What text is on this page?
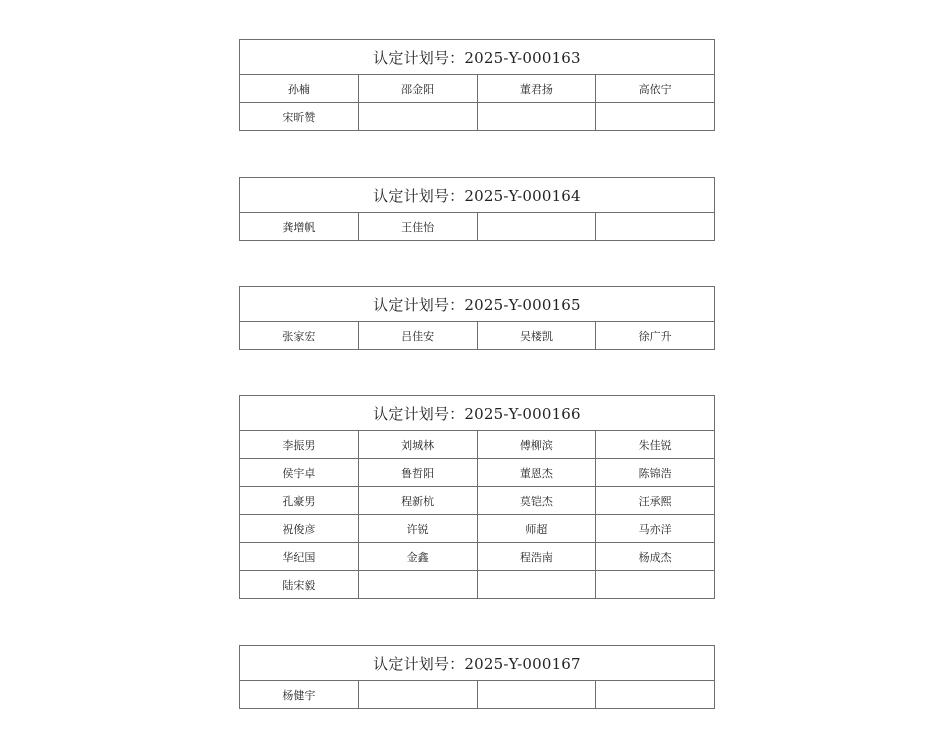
认定计划号：2025-Y-000163			
孙楠	邵金阳	董君扬	高依宁
宋昕赞			
认定计划号：2025-Y-000164
龚增帆	王佳怡		
认定计划号：2025-Y-000165
张家宏	吕佳安	吴楼凯	徐广升
认定计划号：2025-Y-000166			
李振男	刘城林	傅柳滨	朱佳锐
侯宇卓	鲁哲阳	董恩杰	陈锦浩
孔豪男	程新杭	莫铠杰	汪承熙
祝俊彦	许锐	师超	马亦洋
华纪国	金鑫	程浩南	杨成杰
陆宋毅			
认定计划号：2025-Y-000167
杨健宇			
